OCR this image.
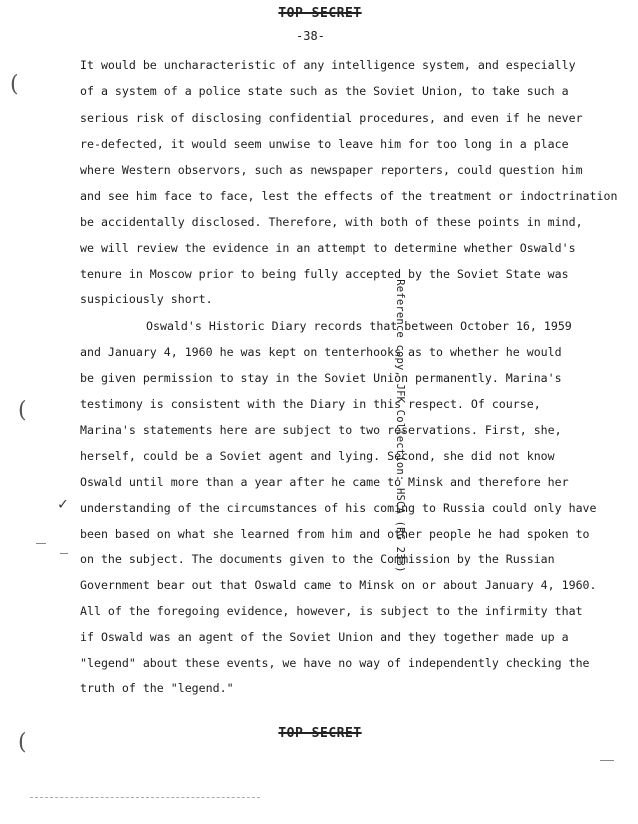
TOP SECRET
-38-
It would be uncharacteristic of any intelligence system, and especially
of a system of a police state such as the Soviet Union, to take such a
serious risk of disclosing confidential procedures, and even if he never
re-defected, it would seem unwise to leave him for too long in a place
where Western observors, such as newspaper reporters, could question him
and see him face to face, lest the effects of the treatment or indoctrination
be accidentally disclosed. Therefore, with both of these points in mind,
we will review the evidence in an attempt to determine whether Oswald's
tenure in Moscow prior to being fully accepted by the Soviet State was
suspiciously short.
Oswald's Historic Diary records that between October 16, 1959
and January 4, 1960 he was kept on tenterhooks as to whether he would
be given permission to stay in the Soviet Union permanently. Marina's
testimony is consistent with the Diary in this respect. Of course,
Marina's statements here are subject to two reservations. First, she,
herself, could be a Soviet agent and lying. Second, she did not know
Oswald until more than a year after he came to Minsk and therefore her
understanding of the circumstances of his coming to Russia could only have
been based on what she learned from him and other people he had spoken to
on the subject. The documents given to the Commission by the Russian
Government bear out that Oswald came to Minsk on or about January 4, 1960.
All of the foregoing evidence, however, is subject to the infirmity that
if Oswald was an agent of the Soviet Union and they together made up a
"legend" about these events, we have no way of independently checking the
truth of the "legend."
Reference copy, JFK Collection: HSCA (RG 233)
TOP SECRET
(
(
(
✓
